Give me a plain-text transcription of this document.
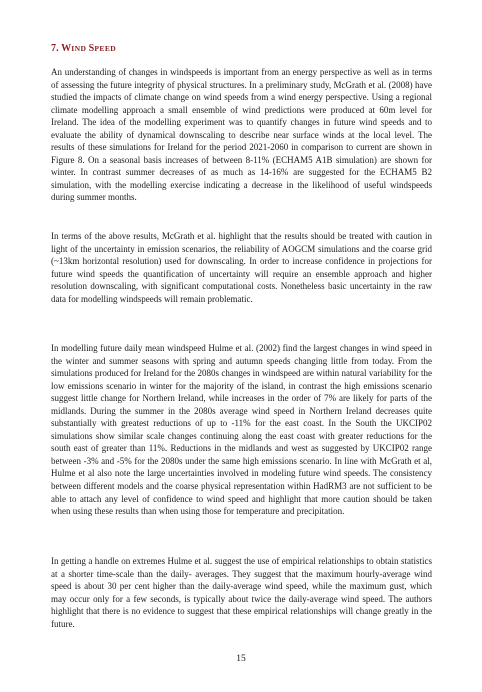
7. WIND SPEED

An understanding of changes in windspeeds is important from an energy perspective as well as in terms of assessing the future integrity of physical structures. In a preliminary study, McGrath et al. (2008) have studied the impacts of climate change on wind speeds from a wind energy perspective. Using a regional climate modelling approach a small ensemble of wind predictions were produced at 60m level for Ireland. The idea of the modelling experiment was to quantify changes in future wind speeds and to evaluate the ability of dynamical downscaling to describe near surface winds at the local level. The results of these simulations for Ireland for the period 2021-2060 in comparison to current are shown in Figure 8. On a seasonal basis increases of between 8-11% (ECHAM5 A1B simulation) are shown for winter. In contrast summer decreases of as much as 14-16% are suggested for the ECHAM5 B2 simulation, with the modelling exercise indicating a decrease in the likelihood of useful windspeeds during summer months.

In terms of the above results, McGrath et al. highlight that the results should be treated with caution in light of the uncertainty in emission scenarios, the reliability of AOGCM simulations and the coarse grid (~13km horizontal resolution) used for downscaling. In order to increase confidence in projections for future wind speeds the quantification of uncertainty will require an ensemble approach and higher resolution downscaling, with significant computational costs. Nonetheless basic uncertainty in the raw data for modelling windspeeds will remain problematic.

In modelling future daily mean windspeed Hulme et al. (2002) find the largest changes in wind speed in the winter and summer seasons with spring and autumn speeds changing little from today. From the simulations produced for Ireland for the 2080s changes in windspeed are within natural variability for the low emissions scenario in winter for the majority of the island, in contrast the high emissions scenario suggest little change for Northern Ireland, while increases in the order of 7% are likely for parts of the midlands. During the summer in the 2080s average wind speed in Northern Ireland decreases quite substantially with greatest reductions of up to -11% for the east coast. In the South the UKCIP02 simulations show similar scale changes continuing along the east coast with greater reductions for the south east of greater than 11%. Reductions in the midlands and west as suggested by UKCIP02 range between -3% and -5% for the 2080s under the same high emissions scenario. In line with McGrath et al, Hulme et al also note the large uncertainties involved in modeling future wind speeds. The consistency between different models and the coarse physical representation within HadRM3 are not sufficient to be able to attach any level of confidence to wind speed and highlight that more caution should be taken when using these results than when using those for temperature and precipitation.

In getting a handle on extremes Hulme et al. suggest the use of empirical relationships to obtain statistics at a shorter time-scale than the daily- averages. They suggest that the maximum hourly-average wind speed is about 30 per cent higher than the daily-average wind speed, while the maximum gust, which may occur only for a few seconds, is typically about twice the daily-average wind speed. The authors highlight that there is no evidence to suggest that these empirical relationships will change greatly in the future.

15
